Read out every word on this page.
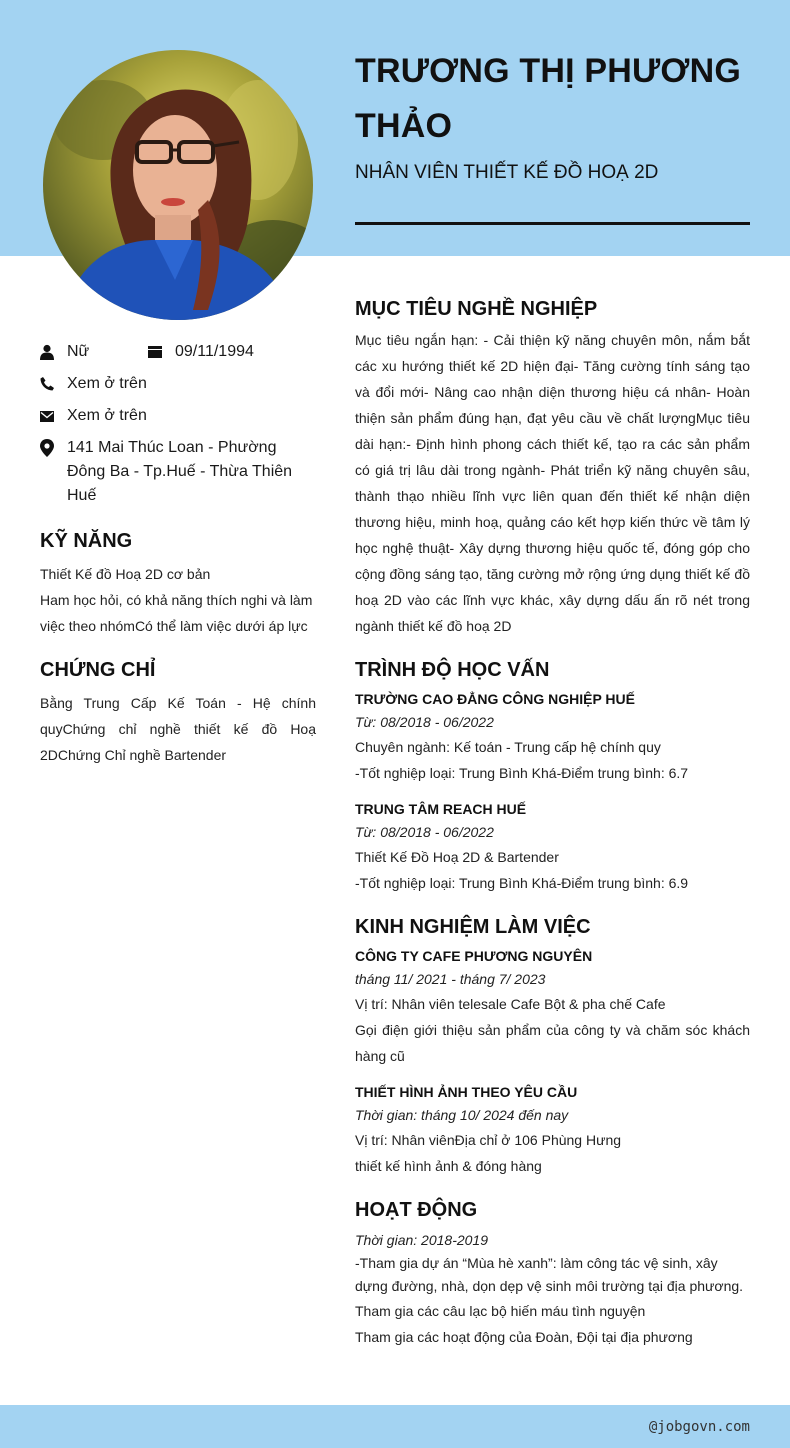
TRƯƠNG THỊ PHƯƠNG THẢO
NHÂN VIÊN THIẾT KẾ ĐỒ HOẠ 2D
Nữ	09/11/1994
Xem ở trên
Xem ở trên
141 Mai Thúc Loan - Phường Đông Ba - Tp.Huế - Thừa Thiên Huế
KỸ NĂNG
Thiết Kế đồ Hoạ 2D cơ bản
Ham học hỏi, có khả năng thích nghi và làm việc theo nhómCó thể làm việc dưới áp lực
CHỨNG CHỈ
Bằng Trung Cấp Kế Toán - Hệ chính quyChứng chỉ nghề thiết kế đồ Hoạ 2DChứng Chỉ nghề Bartender
MỤC TIÊU NGHỀ NGHIỆP
Mục tiêu ngắn hạn: - Cải thiện kỹ năng chuyên môn, nắm bắt các xu hướng thiết kế 2D hiện đại- Tăng cường tính sáng tạo và đổi mới- Nâng cao nhận diện thương hiệu cá nhân- Hoàn thiện sản phẩm đúng hạn, đạt yêu cầu về chất lượngMục tiêu dài hạn:- Định hình phong cách thiết kế, tạo ra các sản phẩm có giá trị lâu dài trong ngành- Phát triển kỹ năng chuyên sâu, thành thạo nhiều lĩnh vực liên quan đến thiết kế nhận diện thương hiệu, minh hoạ, quảng cáo kết hợp kiến thức về tâm lý học nghệ thuật- Xây dựng thương hiệu quốc tế, đóng góp cho cộng đồng sáng tạo, tăng cường mở rộng ứng dụng thiết kế đồ hoạ 2D vào các lĩnh vực khác, xây dựng dấu ấn rõ nét trong ngành thiết kế đồ hoạ 2D
TRÌNH ĐỘ HỌC VẤN
TRƯỜNG CAO ĐẲNG CÔNG NGHIỆP HUẾ
Từ: 08/2018 - 06/2022
Chuyên ngành: Kế toán - Trung cấp hệ chính quy
-Tốt nghiệp loại: Trung Bình Khá-Điểm trung bình: 6.7
TRUNG TÂM REACH HUẾ
Từ: 08/2018 - 06/2022
Thiết Kế Đồ Hoạ 2D & Bartender
-Tốt nghiệp loại: Trung Bình Khá-Điểm trung bình: 6.9
KINH NGHIỆM LÀM VIỆC
CÔNG TY CAFE PHƯƠNG NGUYÊN
tháng 11/ 2021 - tháng 7/ 2023
Vị trí: Nhân viên telesale Cafe Bột & pha chế Cafe
Gọi điện giới thiệu sản phẩm của công ty và chăm sóc khách hàng cũ
THIẾT HÌNH ẢNH THEO YÊU CẦU
Thời gian: tháng 10/ 2024 đến nay
Vị trí: Nhân viênĐịa chỉ ở 106 Phùng Hưng
thiết kế hình ảnh & đóng hàng
HOẠT ĐỘNG
Thời gian: 2018-2019
-Tham gia dự án “Mùa hè xanh”: làm công tác vệ sinh, xây dựng đường, nhà, dọn dẹp vệ sinh môi trường tại địa phương.
Tham gia các câu lạc bộ hiến máu tình nguyện
Tham gia các hoạt động của Đoàn, Đội tại địa phương
@jobgovn.com
